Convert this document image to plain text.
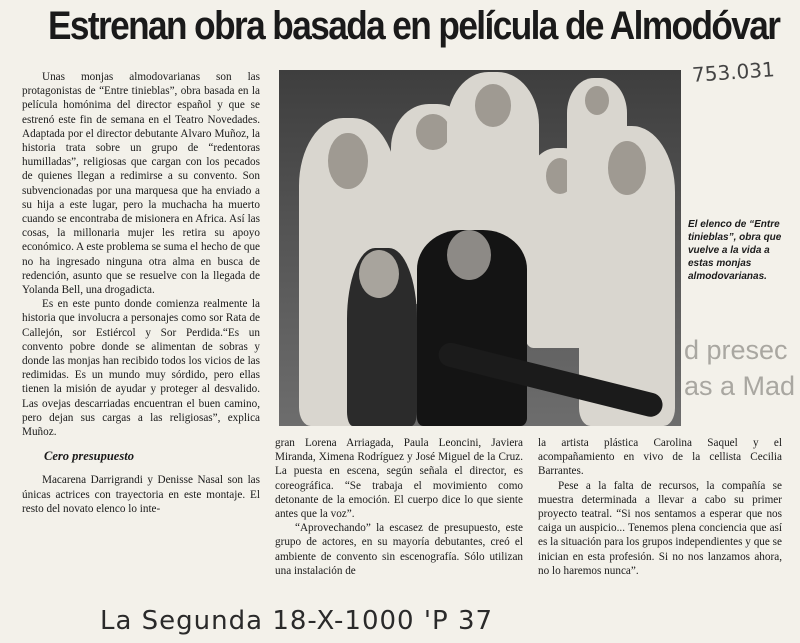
Estrenan obra basada en película de Almodóvar
753.031

Unas monjas almodovarianas son las protagonistas de “Entre tinieblas”, obra basada en la película homónima del director español y que se estrenó este fin de semana en el Teatro Novedades. Adaptada por el director debutante Alvaro Muñoz, la historia trata sobre un grupo de “redentoras humilladas”, religiosas que cargan con los pecados de quienes llegan a redimirse a su convento. Son subvencionadas por una marquesa que ha enviado a su hija a este lugar, pero la muchacha ha muerto cuando se encontraba de misionera en Africa. Así las cosas, la millonaria mujer les retira su apoyo económico. A este problema se suma el hecho de que no ha ingresado ninguna otra alma en busca de redención, asunto que se resuelve con la llegada de Yolanda Bell, una drogadicta.

Es en este punto donde comienza realmente la historia que involucra a personajes como sor Rata de Callejón, sor Estiércol y Sor Perdida.“Es un convento pobre donde se alimentan de sobras y donde las monjas han recibido todos los vicios de las redimidas. Es un mundo muy sórdido, pero ellas tienen la misión de ayudar y proteger al desvalido. Las ovejas descarriadas encuentran el buen camino, pero dejan sus cargas a las religiosas”, explica Muñoz.

Cero presupuesto

Macarena Darrigrandi y Denisse Nasal son las únicas actrices con trayectoria en este montaje. El resto del novato elenco lo inte-

El elenco de “Entre tinieblas”, obra que vuelve a la vida a estas monjas almodovarianas.
d presec
as a Mad

gran Lorena Arriagada, Paula Leoncini, Javiera Miranda, Ximena Rodríguez y José Miguel de la Cruz. La puesta en escena, según señala el director, es coreográfica. “Se trabaja el movimiento como detonante de la emoción. El cuerpo dice lo que siente antes que la voz”.

“Aprovechando” la escasez de presupuesto, este grupo de actores, en su mayoría debutantes, creó el ambiente de convento sin escenografía. Sólo utilizan una instalación de

la artista plástica Carolina Saquel y el acompañamiento en vivo de la cellista Cecilia Barrantes.

Pese a la falta de recursos, la compañía se muestra determinada a llevar a cabo su primer proyecto teatral. “Si nos sentamos a esperar que nos caiga un auspicio... Tenemos plena conciencia que así es la situación para los grupos independientes y que se inician en esta profesión. Si no nos lanzamos ahora, no lo haremos nunca”.

La Segunda 18-X-1000 'P 37
